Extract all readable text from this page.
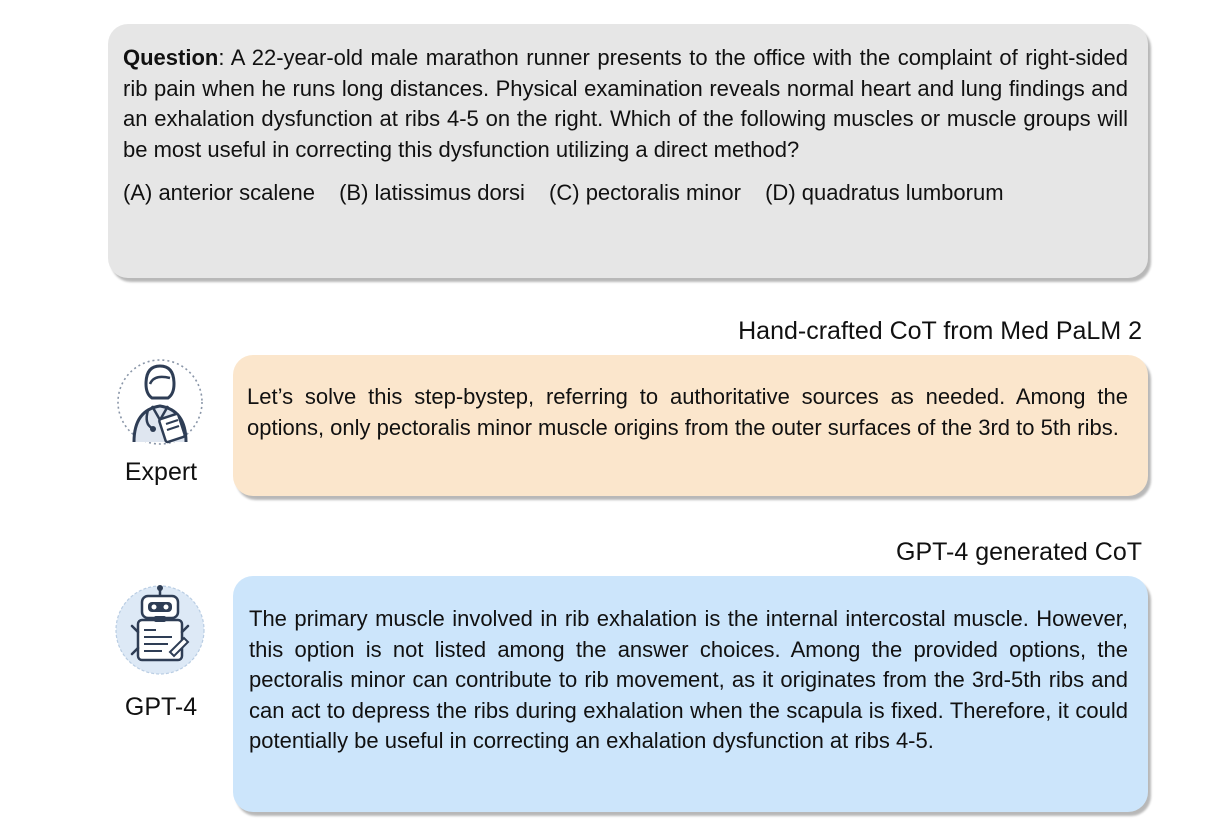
Question: A 22-year-old male marathon runner presents to the office with the complaint of right-sided rib pain when he runs long distances. Physical examination reveals normal heart and lung findings and an exhalation dysfunction at ribs 4-5 on the right. Which of the following muscles or muscle groups will be most useful in correcting this dysfunction utilizing a direct method?

(A) anterior scalene (B) latissimus dorsi (C) pectoralis minor (D) quadratus lumborum
Hand-crafted CoT from Med PaLM 2
Expert
Let’s solve this step-bystep, referring to authoritative sources as needed. Among the options, only pectoralis minor muscle origins from the outer surfaces of the 3rd to 5th ribs.
GPT-4 generated CoT
GPT-4
The primary muscle involved in rib exhalation is the internal intercostal muscle. However, this option is not listed among the answer choices. Among the provided options, the pectoralis minor can contribute to rib movement, as it originates from the 3rd-5th ribs and can act to depress the ribs during exhalation when the scapula is fixed. Therefore, it could potentially be useful in correcting an exhalation dysfunction at ribs 4-5.
